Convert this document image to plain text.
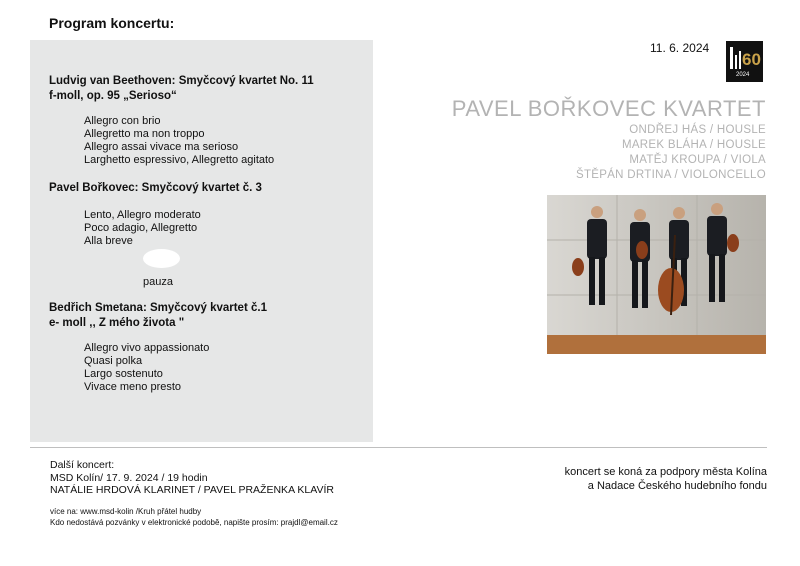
Program koncertu:
Ludvig van Beethoven: Smyčcový kvartet No. 11
f-moll, op. 95 „Serioso“
Allegro con brio
Allegretto ma non troppo
Allegro assai vivace ma serioso
Larghetto espressivo, Allegretto agitato
Pavel Bořkovec: Smyčcový kvartet č. 3
Lento, Allegro moderato
Poco adagio, Allegretto
Alla breve
pauza
Bedřich Smetana: Smyčcový kvartet č.1
e- moll ,, Z mého života "
Allegro vivo appassionato
Quasi polka
Largo sostenuto
Vivace meno presto
11. 6. 2024
60
2024
PAVEL BOŘKOVEC KVARTET
ONDŘEJ HÁS / HOUSLE
MAREK BLÁHA / HOUSLE
MATĚJ KROUPA / VIOLA
ŠTĚPÁN DRTINA / VIOLONCELLO
Další koncert:
MSD Kolín/ 17. 9. 2024 / 19 hodin
NATÁLIE HRDOVÁ KLARINET / PAVEL PRAŽENKA KLAVÍR
koncert se koná za podpory města Kolína
a Nadace Českého hudebního fondu
více na: www.msd-kolin /Kruh přátel hudby
Kdo nedostává pozvánky v elektronické podobě, napište prosím: prajdl@email.cz
